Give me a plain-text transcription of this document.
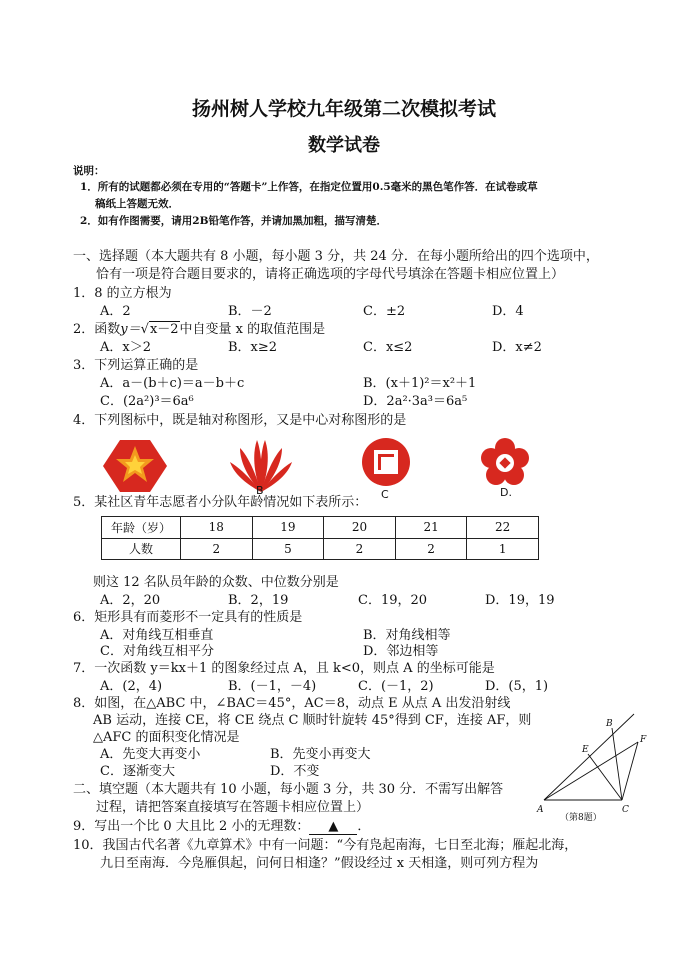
扬州树人学校九年级第二次模拟考试
数学试卷
说明：
1．所有的试题都必须在专用的“答题卡”上作答，在指定位置用0.5毫米的黑色笔作答．在试卷或草
稿纸上答题无效．
2．如有作图需要，请用2B铅笔作答，并请加黑加粗，描写清楚．
一、选择题（本大题共有 8 小题，每小题 3 分，共 24 分．在每小题所给出的四个选项中，
恰有一项是符合题目要求的，请将正确选项的字母代号填涂在答题卡相应位置上）
1．8 的立方根为
A．2	B．－2	C．±2	D．4
2．函数y＝√x－2中自变量 x 的取值范围是
A．x＞2	B．x≥2	C．x≤2	D．x≠2
3．下列运算正确的是
A．a－(b＋c)＝a－b＋c	B．(x＋1)²＝x²＋1
C．(2a²)³＝6a⁶	D．2a²·3a³＝6a⁵
4．下列图标中，既是轴对称图形，又是中心对称图形的是
B	C	D.
5．某社区青年志愿者小分队年龄情况如下表所示：
年龄（岁）	18	19	20	21	22
人数	2	5	2	2	1
则这 12 名队员年龄的众数、中位数分别是
A．2，20	B．2，19	C．19，20	D．19，19
6．矩形具有而菱形不一定具有的性质是
A．对角线互相垂直	B．对角线相等
C．对角线互相平分	D．邻边相等
7．一次函数 y＝kx＋1 的图象经过点 A，且 k<0，则点 A 的坐标可能是
A．(2，4)	B．(－1，－4)	C．(－1，2)	D．(5，1)
8．如图，在△ABC 中，∠BAC＝45°，AC＝8，动点 E 从点 A 出发沿射线
AB 运动，连接 CE，将 CE 绕点 C 顺时针旋转 45°得到 CF，连接 AF，则
△AFC 的面积变化情况是
A．先变大再变小	B．先变小再变大
C．逐渐变大	D．不变
A
B
C
E
F
（第8题）
二、填空题（本大题共有 10 小题，每小题 3 分，共 30 分．不需写出解答
过程，请把答案直接填写在答题卡相应位置上）
9．写出一个比 0 大且比 2 小的无理数： ▲ ．
10．我国古代名著《九章算术》中有一问题：“今有凫起南海，七日至北海；雁起北海，
九日至南海．今凫雁俱起，问何日相逢？”假设经过 x 天相逢，则可列方程为
